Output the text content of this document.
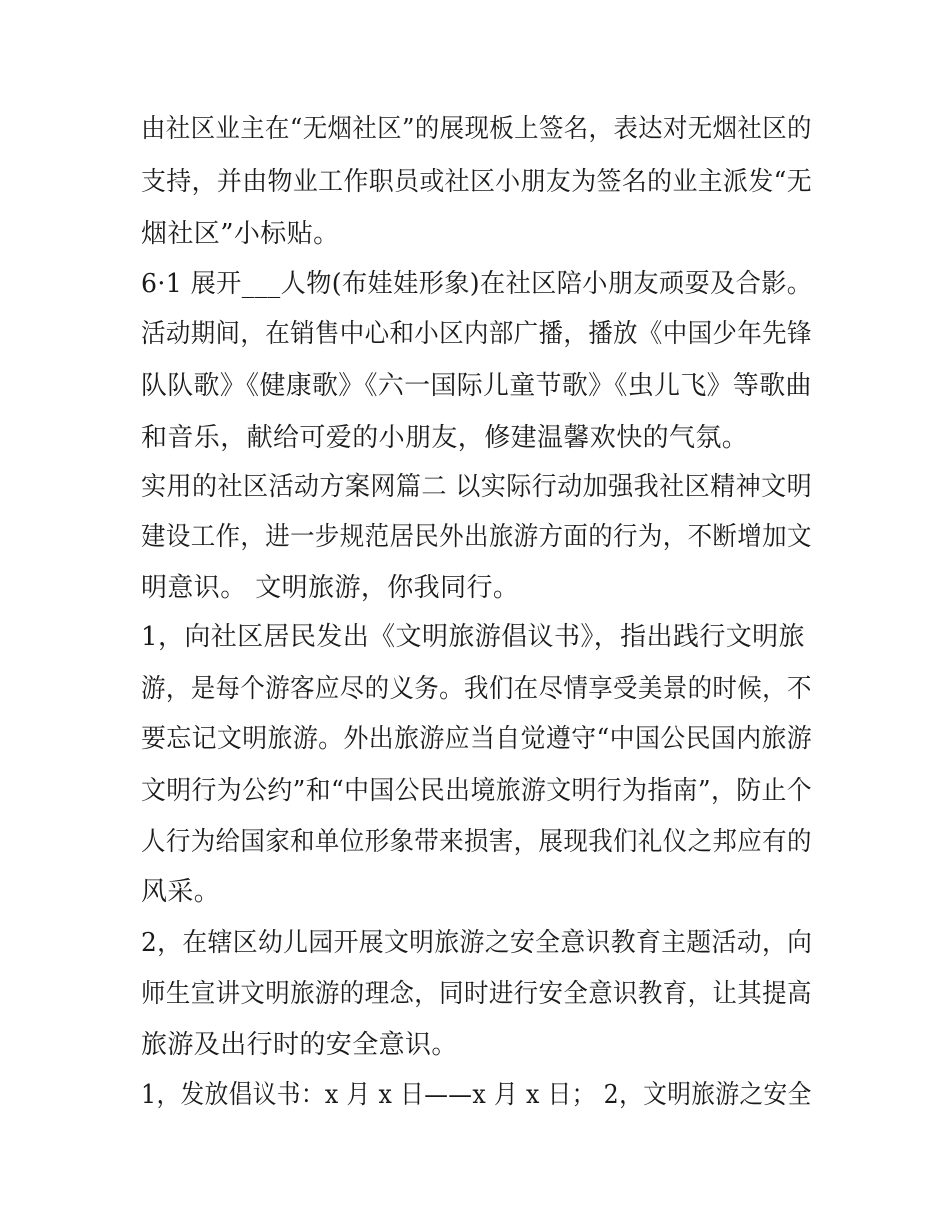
由社区业主在“无烟社区”的展现板上签名，表达对无烟社区的
支持，并由物业工作职员或社区小朋友为签名的业主派发“无
烟社区”小标贴。
6·1 展开___人物(布娃娃形象)在社区陪小朋友顽耍及合影。
活动期间，在销售中心和小区内部广播，播放《中国少年先锋
队队歌》《健康歌》《六一国际儿童节歌》《虫儿飞》等歌曲
和音乐，献给可爱的小朋友，修建温馨欢快的气氛。
实用的社区活动方案网篇二 以实际行动加强我社区精神文明
建设工作，进一步规范居民外出旅游方面的行为，不断增加文
明意识。 文明旅游，你我同行。
1，向社区居民发出《文明旅游倡议书》，指出践行文明旅
游，是每个游客应尽的义务。我们在尽情享受美景的时候，不
要忘记文明旅游。外出旅游应当自觉遵守“中国公民国内旅游
文明行为公约”和“中国公民出境旅游文明行为指南”，防止个
人行为给国家和单位形象带来损害，展现我们礼仪之邦应有的
风采。
2，在辖区幼儿园开展文明旅游之安全意识教育主题活动，向
师生宣讲文明旅游的理念，同时进行安全意识教育，让其提高
旅游及出行时的安全意识。
1，发放倡议书：x 月 x 日——x 月 x 日； 2，文明旅游之安全
